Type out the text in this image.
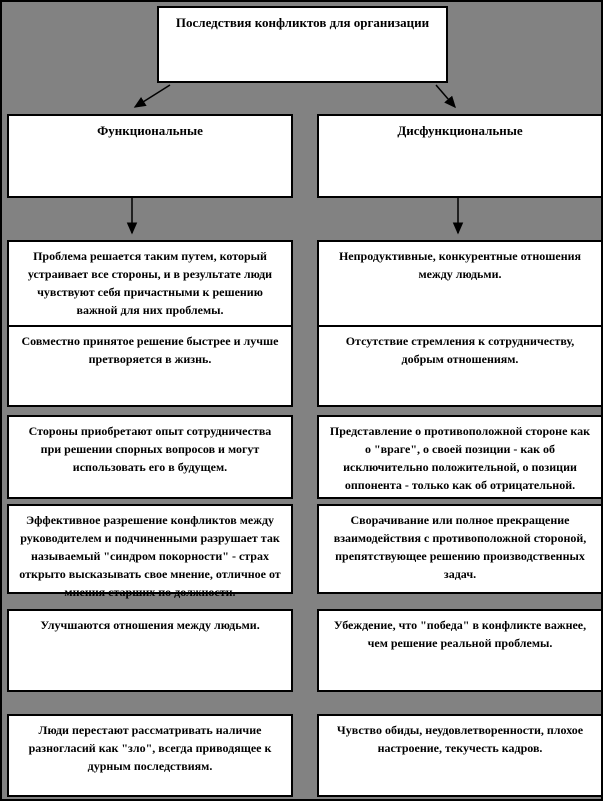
Последствия конфликтов для организации
Функциональные	Дисфункциональные
Проблема решается таким путем, который устраивает все стороны, и в результате люди чувствуют себя причастными к решению важной для них проблемы.
Совместно принятое решение быстрее и лучше претворяется в жизнь.
Стороны приобретают опыт сотрудничества при решении спорных вопросов и могут использовать его в будущем.
Эффективное разрешение конфликтов между руководителем и подчиненными разрушает так называемый "синдром покорности" - страх открыто высказывать свое мнение, отличное от мнения старших по должности.
Улучшаются отношения между людьми.
Люди перестают рассматривать наличие разногласий как "зло", всегда приводящее к дурным последствиям.
Непродуктивные, конкурентные отношения между людьми.
Отсутствие стремления к сотрудничеству, добрым отношениям.
Представление о противоположной стороне как о "враге", о своей позиции - как об исключительно положительной, о позиции оппонента - только как об отрицательной.
Сворачивание или полное прекращение взаимодействия с противоположной стороной, препятствующее решению производственных задач.
Убеждение, что "победа" в конфликте важнее, чем решение реальной проблемы.
Чувство обиды, неудовлетворенности, плохое настроение, текучесть кадров.
